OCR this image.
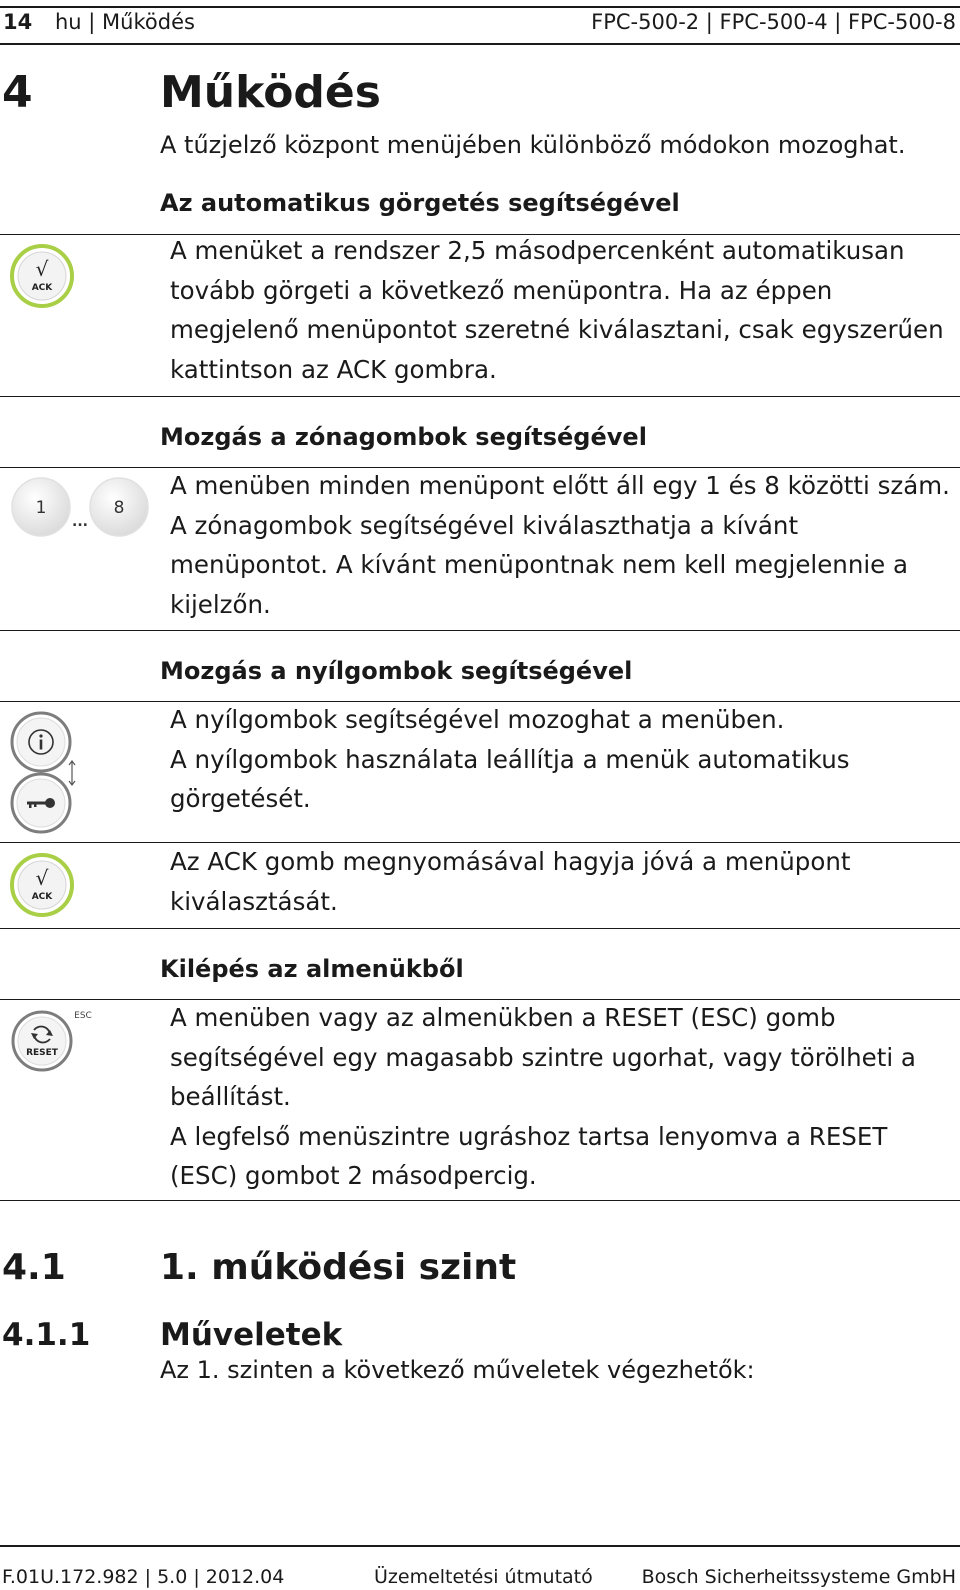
14 hu | Működés	FPC-500-2 | FPC-500-4 | FPC-500-8
4	Működés
A tűzjelző központ menüjében különböző módokon mozoghat.
Az automatikus görgetés segítségével
√
ACK
A menüket a rendszer 2,5 másodpercenként automatikusan
tovább görgeti a következő menüpontra. Ha az éppen
megjelenő menüpontot szeretné kiválasztani, csak egyszerűen
kattintson az ACK gombra.
Mozgás a zónagombok segítségével
1
...
8
A menüben minden menüpont előtt áll egy 1 és 8 közötti szám.
A zónagombok segítségével kiválaszthatja a kívánt
menüpontot. A kívánt menüpontnak nem kell megjelennie a
kijelzőn.
Mozgás a nyílgombok segítségével
A nyílgombok segítségével mozoghat a menüben.
A nyílgombok használata leállítja a menük automatikus
görgetését.
√
ACK
Az ACK gomb megnyomásával hagyja jóvá a menüpont
kiválasztását.
Kilépés az almenükből
RESET
ESC	A menüben vagy az almenükben a RESET (ESC) gomb
segítségével egy magasabb szintre ugorhat, vagy törölheti a
beállítást.
A legfelső menüszintre ugráshoz tartsa lenyomva a RESET
(ESC) gombot 2 másodpercig.
4.1	1. működési szint
4.1.1 Műveletek
Az 1. szinten a következő műveletek végezhetők:
F.01U.172.982 | 5.0 | 2012.04	Üzemeltetési útmutató	Bosch Sicherheitssysteme GmbH
